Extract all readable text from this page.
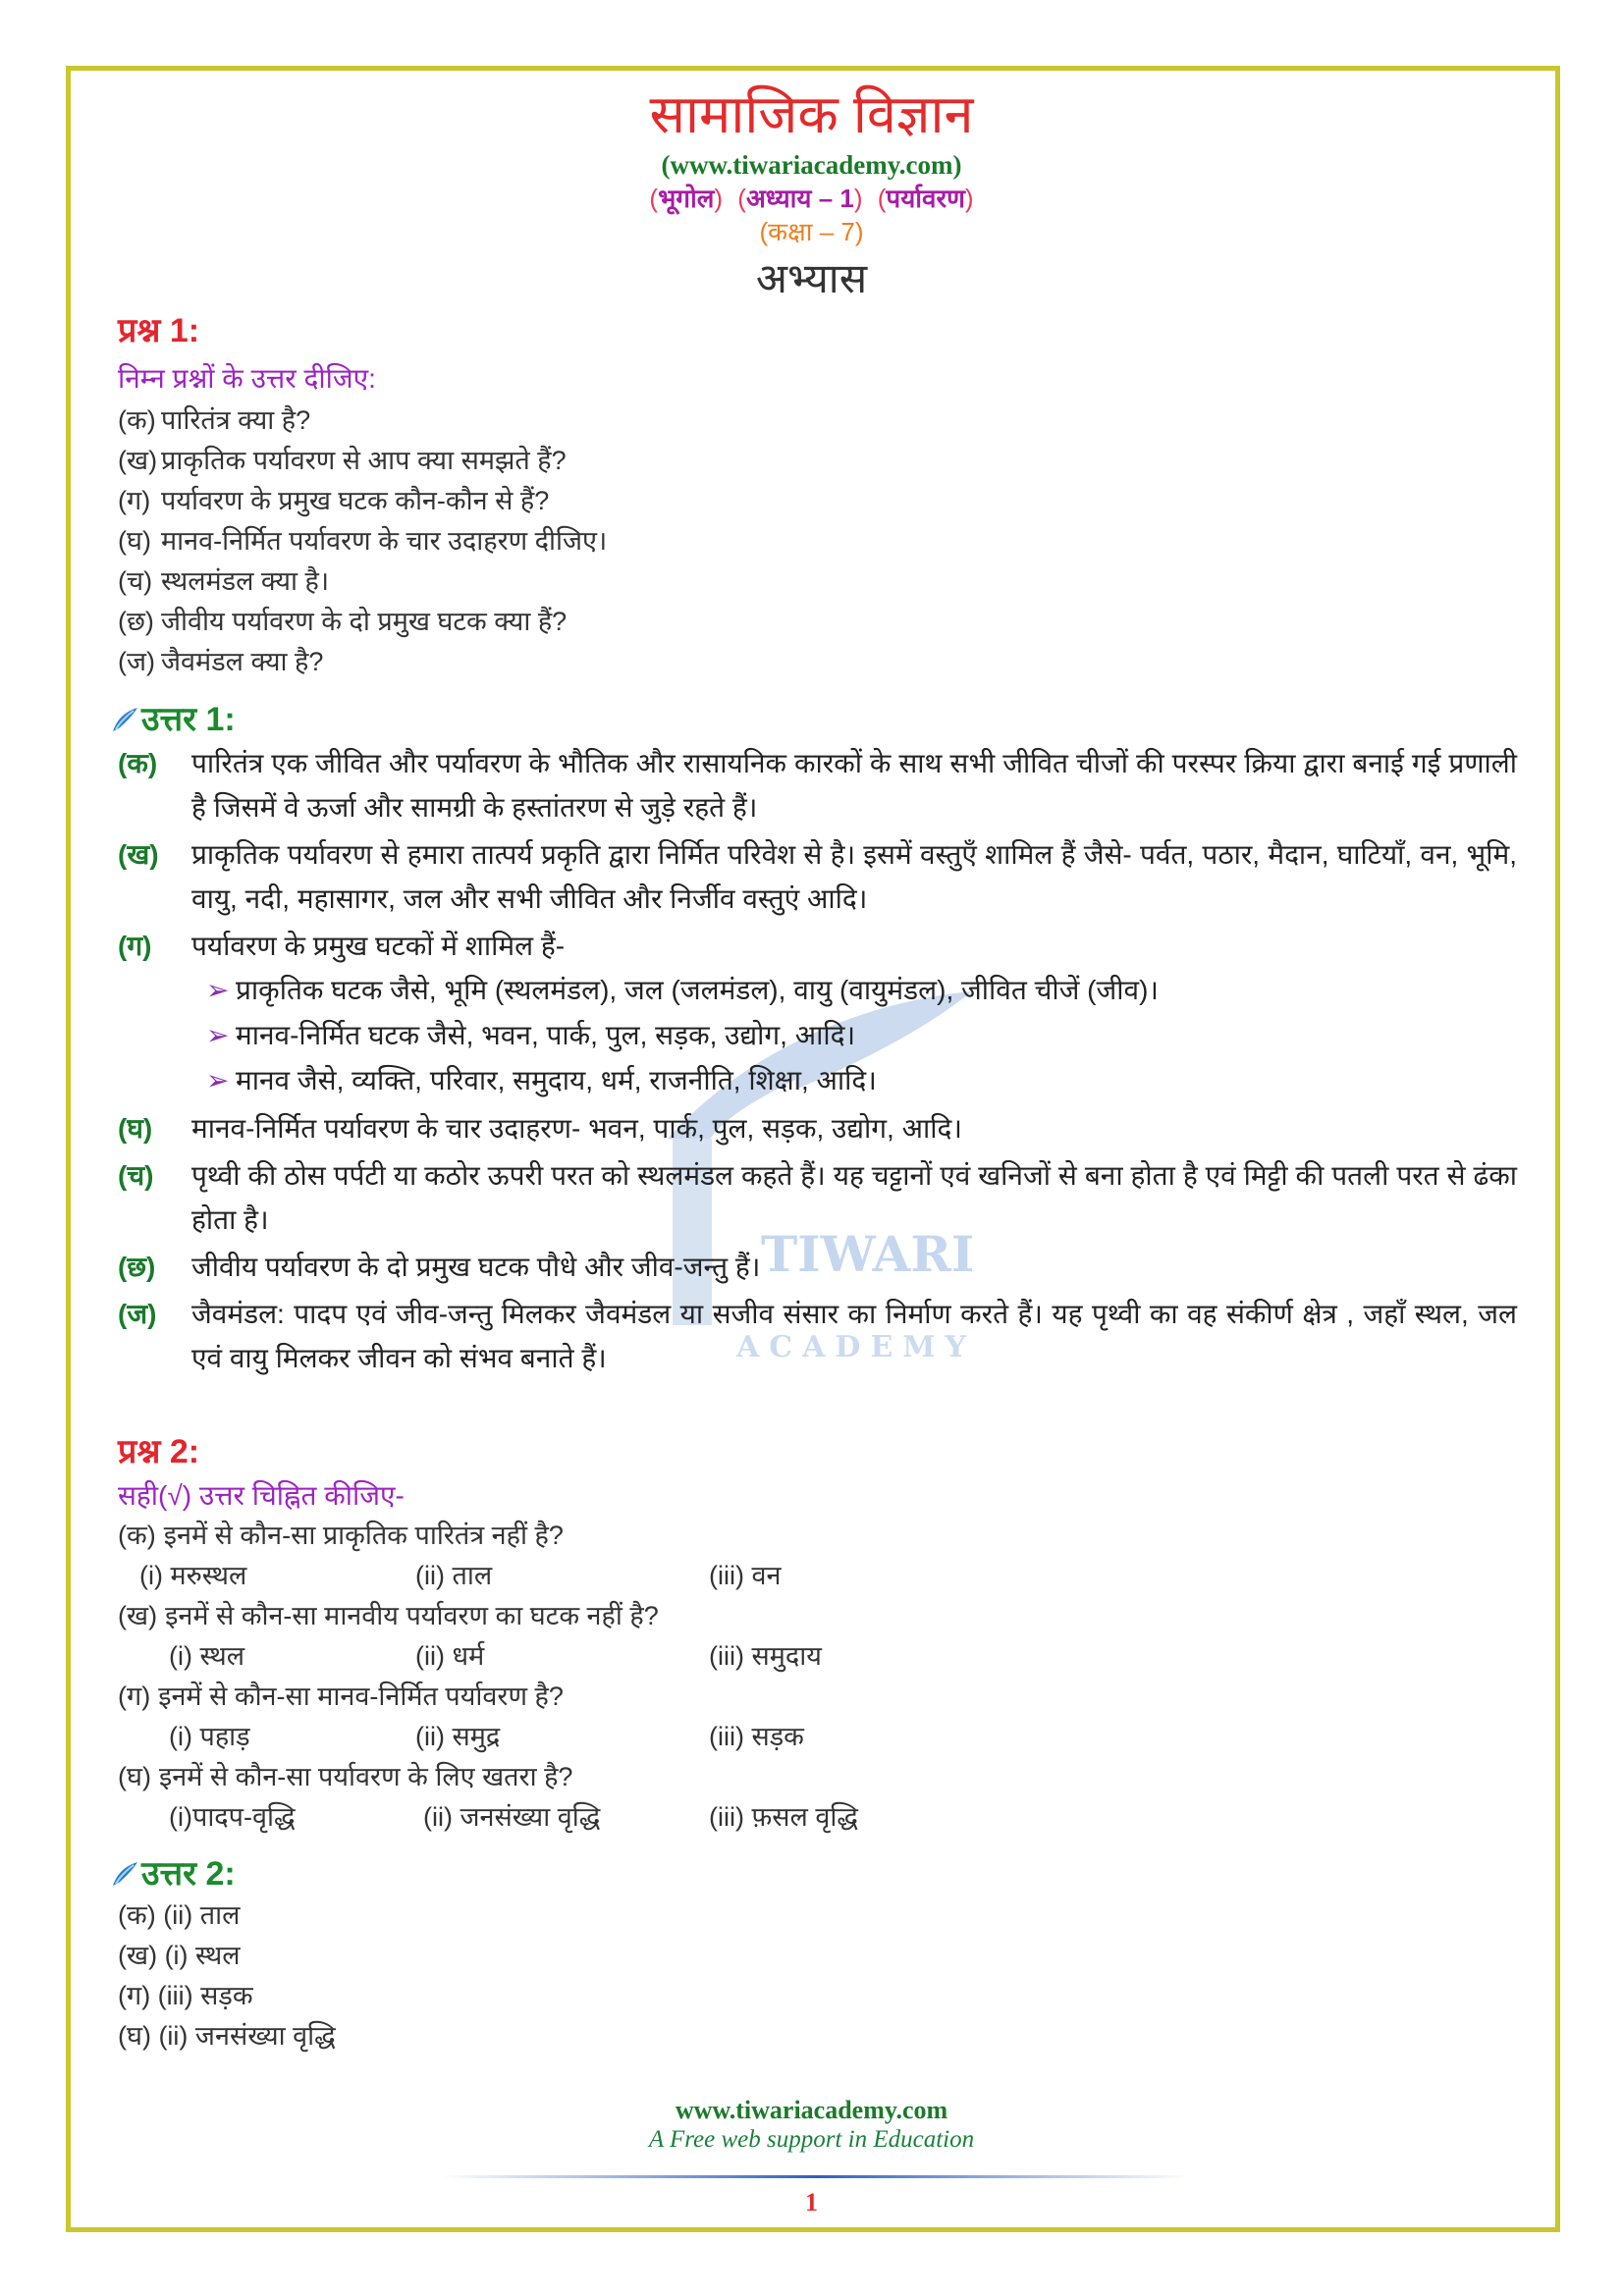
TIWARI
ACADEMY
सामाजिक विज्ञान
(www.tiwariacademy.com)
(भूगोल) (अध्याय – 1) (पर्यावरण)
(कक्षा – 7)
अभ्यास
प्रश्न 1:
निम्न प्रश्नों के उत्तर दीजिए:
(क) पारितंत्र क्या है?
(ख) प्राकृतिक पर्यावरण से आप क्या समझते हैं?
(ग) पर्यावरण के प्रमुख घटक कौन-कौन से हैं?
(घ) मानव-निर्मित पर्यावरण के चार उदाहरण दीजिए।
(च) स्थलमंडल क्या है।
(छ) जीवीय पर्यावरण के दो प्रमुख घटक क्या हैं?
(ज) जैवमंडल क्या है?
उत्तर 1:
(क)	पारितंत्र एक जीवित और पर्यावरण के भौतिक और रासायनिक कारकों के साथ सभी जीवित चीजों की परस्पर क्रिया द्वारा बनाई गई प्रणाली है जिसमें वे ऊर्जा और सामग्री के हस्तांतरण से जुड़े रहते हैं।
(ख)	प्राकृतिक पर्यावरण से हमारा तात्पर्य प्रकृति द्वारा निर्मित परिवेश से है। इसमें वस्तुएँ शामिल हैं जैसे- पर्वत, पठार, मैदान, घाटियाँ, वन, भूमि, वायु, नदी, महासागर, जल और सभी जीवित और निर्जीव वस्तुएं आदि।
(ग)	पर्यावरण के प्रमुख घटकों में शामिल हैं-
➢ प्राकृतिक घटक जैसे, भूमि (स्थलमंडल), जल (जलमंडल), वायु (वायुमंडल), जीवित चीजें (जीव)।
➢ मानव-निर्मित घटक जैसे, भवन, पार्क, पुल, सड़क, उद्योग, आदि।
➢ मानव जैसे, व्यक्ति, परिवार, समुदाय, धर्म, राजनीति, शिक्षा, आदि।
(घ)	मानव-निर्मित पर्यावरण के चार उदाहरण- भवन, पार्क, पुल, सड़क, उद्योग, आदि।
(च)	पृथ्वी की ठोस पर्पटी या कठोर ऊपरी परत को स्थलमंडल कहते हैं। यह चट्टानों एवं खनिजों से बना होता है एवं मिट्टी की पतली परत से ढंका होता है।
(छ)	जीवीय पर्यावरण के दो प्रमुख घटक पौधे और जीव-जन्तु हैं।
(ज)	जैवमंडल: पादप एवं जीव-जन्तु मिलकर जैवमंडल या सजीव संसार का निर्माण करते हैं। यह पृथ्वी का वह संकीर्ण क्षेत्र , जहाँ स्थल, जल एवं वायु मिलकर जीवन को संभव बनाते हैं।
प्रश्न 2:
सही(√) उत्तर चिह्नित कीजिए-
(क) इनमें से कौन-सा प्राकृतिक पारितंत्र नहीं है?
(i) मरुस्थल	(ii) ताल	(iii) वन
(ख) इनमें से कौन-सा मानवीय पर्यावरण का घटक नहीं है?
(i) स्थल	(ii) धर्म	(iii) समुदाय
(ग) इनमें से कौन-सा मानव-निर्मित पर्यावरण है?
(i) पहाड़	(ii) समुद्र	(iii) सड़क
(घ) इनमें से कौन-सा पर्यावरण के लिए खतरा है?
(i)पादप-वृद्धि	(ii) जनसंख्या वृद्धि	(iii) फ़सल वृद्धि
उत्तर 2:
(क) (ii) ताल
(ख) (i) स्थल
(ग) (iii) सड़क
(घ) (ii) जनसंख्या वृद्धि
www.tiwariacademy.com
A Free web support in Education
1
